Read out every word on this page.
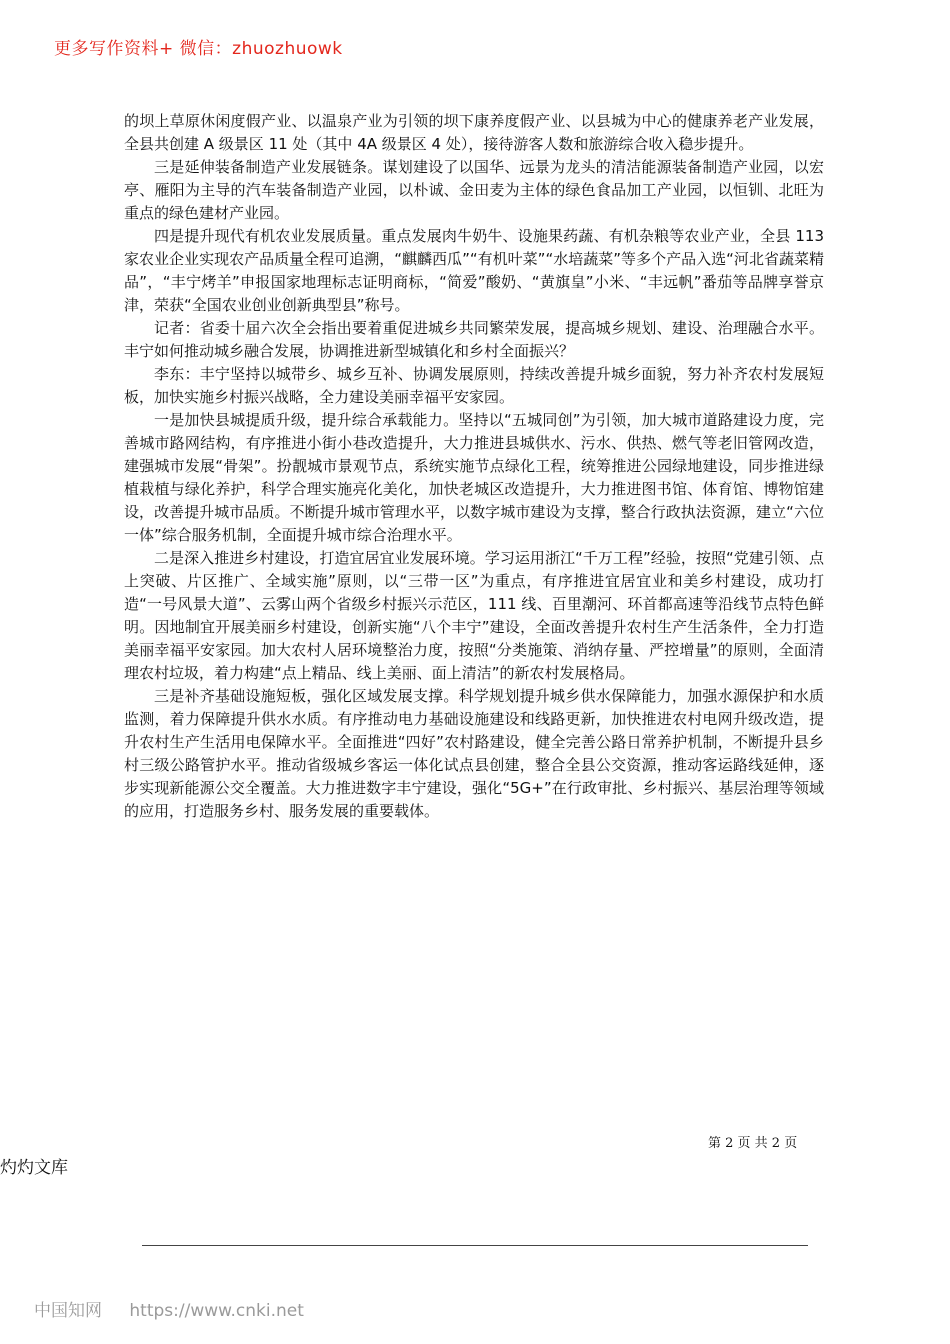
更多写作资料+ 微信：zhuozhuowk

的坝上草原休闲度假产业、以温泉产业为引领的坝下康养度假产业、以县城为中心的健康养老产业发展，全县共创建 A 级景区 11 处（其中 4A 级景区 4 处），接待游客人数和旅游综合收入稳步提升。

三是延伸装备制造产业发展链条。谋划建设了以国华、远景为龙头的清洁能源装备制造产业园，以宏亭、雁阳为主导的汽车装备制造产业园，以朴诚、金田麦为主体的绿色食品加工产业园，以恒钏、北旺为重点的绿色建材产业园。

四是提升现代有机农业发展质量。重点发展肉牛奶牛、设施果药蔬、有机杂粮等农业产业，全县 113 家农业企业实现农产品质量全程可追溯，“麒麟西瓜”“有机叶菜”“水培蔬菜”等多个产品入选“河北省蔬菜精品”，“丰宁烤羊”申报国家地理标志证明商标，“简爱”酸奶、“黄旗皇”小米、“丰远帆”番茄等品牌享誉京津，荣获“全国农业创业创新典型县”称号。

记者：省委十届六次全会指出要着重促进城乡共同繁荣发展，提高城乡规划、建设、治理融合水平。丰宁如何推动城乡融合发展，协调推进新型城镇化和乡村全面振兴？

李东：丰宁坚持以城带乡、城乡互补、协调发展原则，持续改善提升城乡面貌，努力补齐农村发展短板，加快实施乡村振兴战略，全力建设美丽幸福平安家园。

一是加快县城提质升级，提升综合承载能力。坚持以“五城同创”为引领，加大城市道路建设力度，完善城市路网结构，有序推进小街小巷改造提升，大力推进县城供水、污水、供热、燃气等老旧管网改造，建强城市发展“骨架”。扮靓城市景观节点，系统实施节点绿化工程，统筹推进公园绿地建设，同步推进绿植栽植与绿化养护，科学合理实施亮化美化，加快老城区改造提升，大力推进图书馆、体育馆、博物馆建设，改善提升城市品质。不断提升城市管理水平，以数字城市建设为支撑，整合行政执法资源，建立“六位一体”综合服务机制，全面提升城市综合治理水平。

二是深入推进乡村建设，打造宜居宜业发展环境。学习运用浙江“千万工程”经验，按照“党建引领、点上突破、片区推广、全域实施”原则，以“三带一区”为重点，有序推进宜居宜业和美乡村建设，成功打造“一号风景大道”、云雾山两个省级乡村振兴示范区，111 线、百里潮河、环首都高速等沿线节点特色鲜明。因地制宜开展美丽乡村建设，创新实施“八个丰宁”建设，全面改善提升农村生产生活条件，全力打造美丽幸福平安家园。加大农村人居环境整治力度，按照“分类施策、消纳存量、严控增量”的原则，全面清理农村垃圾，着力构建“点上精品、线上美丽、面上清洁”的新农村发展格局。

三是补齐基础设施短板，强化区域发展支撑。科学规划提升城乡供水保障能力，加强水源保护和水质监测，着力保障提升供水水质。有序推动电力基础设施建设和线路更新，加快推进农村电网升级改造，提升农村生产生活用电保障水平。全面推进“四好”农村路建设，健全完善公路日常养护机制，不断提升县乡村三级公路管护水平。推动省级城乡客运一体化试点县创建，整合全县公交资源，推动客运路线延伸，逐步实现新能源公交全覆盖。大力推进数字丰宁建设，强化“5G+”在行政审批、乡村振兴、基层治理等领域的应用，打造服务乡村、服务发展的重要载体。

第 2 页 共 2 页
灼灼文库
中国知网 https://www.cnki.net
